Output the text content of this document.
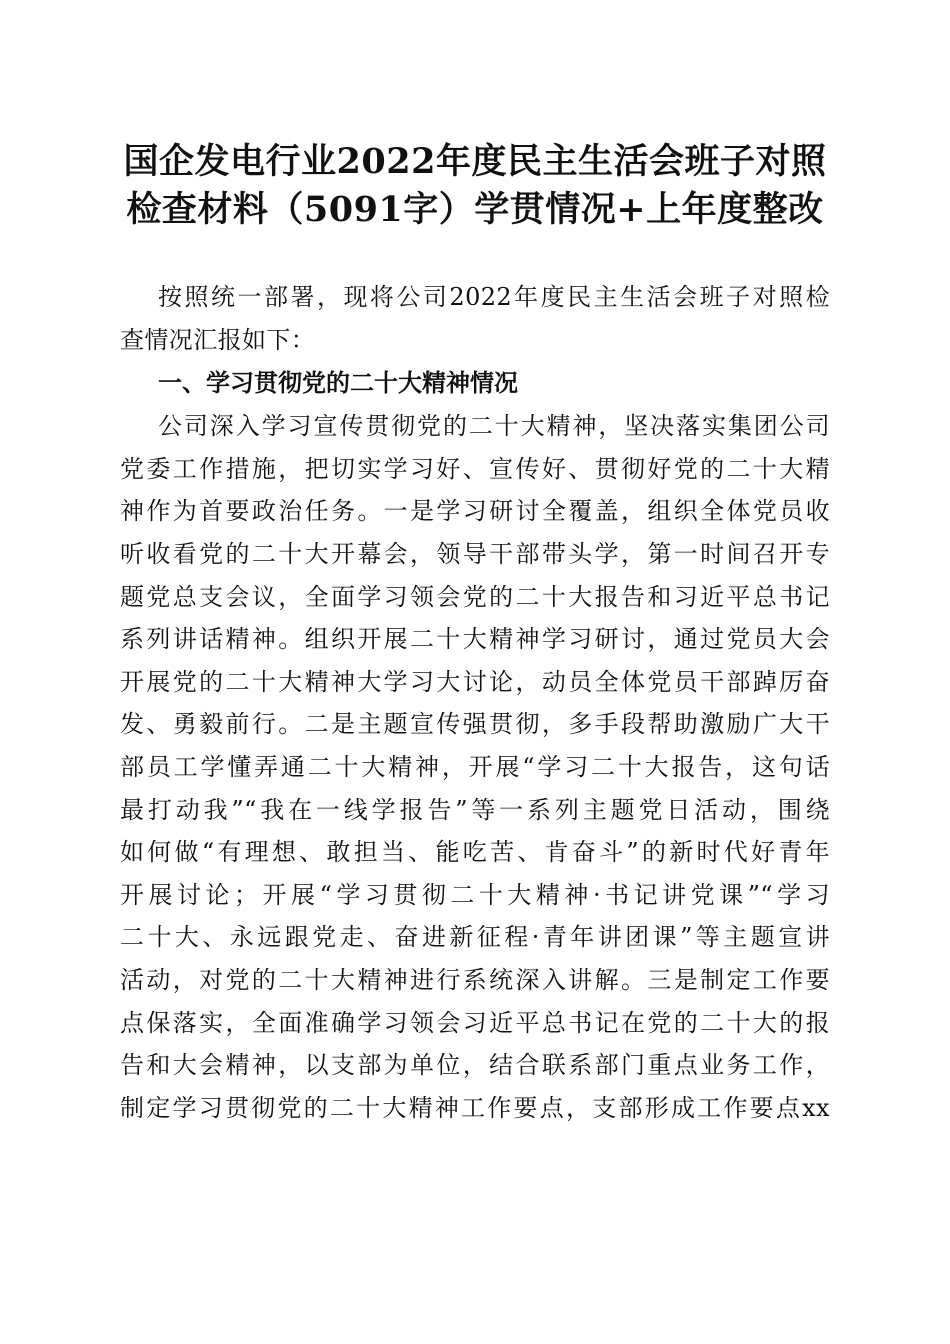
国企发电行业2022年度民主生活会班子对照
检查材料（5091字）学贯情况+上年度整改
按照统一部署，现将公司2022年度民主生活会班子对照检
查情况汇报如下：
一、学习贯彻党的二十大精神情况
公司深入学习宣传贯彻党的二十大精神，坚决落实集团公司
党委工作措施，把切实学习好、宣传好、贯彻好党的二十大精
神作为首要政治任务。一是学习研讨全覆盖，组织全体党员收
听收看党的二十大开幕会，领导干部带头学，第一时间召开专
题党总支会议，全面学习领会党的二十大报告和习近平总书记
系列讲话精神。组织开展二十大精神学习研讨，通过党员大会
开展党的二十大精神大学习大讨论，动员全体党员干部踔厉奋
发、勇毅前行。二是主题宣传强贯彻，多手段帮助激励广大干
部员工学懂弄通二十大精神，开展“学习二十大报告，这句话
最打动我”“我在一线学报告”等一系列主题党日活动，围绕
如何做“有理想、敢担当、能吃苦、肯奋斗”的新时代好青年
开展讨论；开展“学习贯彻二十大精神·书记讲党课”“学习
二十大、永远跟党走、奋进新征程·青年讲团课”等主题宣讲
活动，对党的二十大精神进行系统深入讲解。三是制定工作要
点保落实，全面准确学习领会习近平总书记在党的二十大的报
告和大会精神，以支部为单位，结合联系部门重点业务工作，
制定学习贯彻党的二十大精神工作要点，支部形成工作要点xx
